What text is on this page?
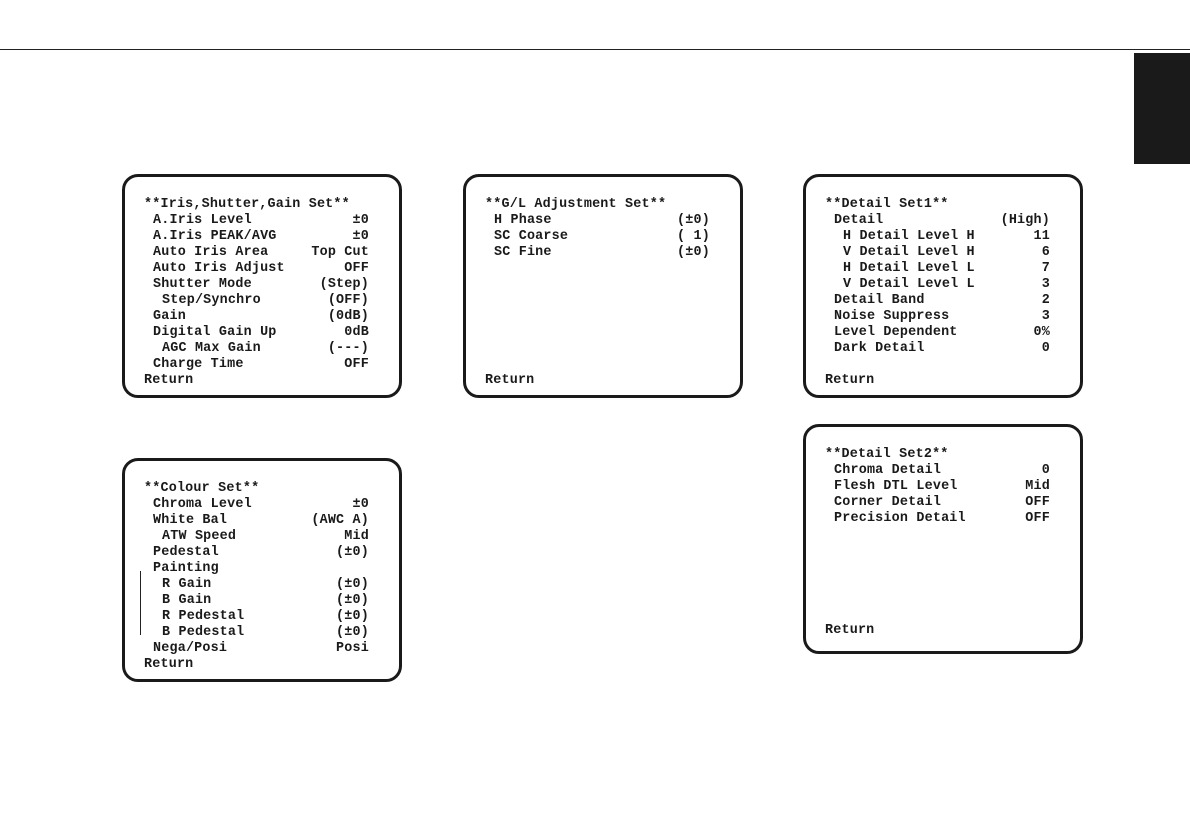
**Iris,Shutter,Gain Set**
A.Iris Level	±0
A.Iris PEAK/AVG	±0
Auto Iris Area	Top Cut
Auto Iris Adjust	OFF
Shutter Mode	(Step)
Step/Synchro	(OFF)
Gain	(0dB)
Digital Gain Up	0dB
AGC Max Gain	(---)
Charge Time	OFF
Return
**G/L Adjustment Set**
H Phase	(±0)
SC Coarse	( 1)
SC Fine	(±0)
Return
**Detail Set1**
Detail	(High)
H Detail Level H	11
V Detail Level H	6
H Detail Level L	7
V Detail Level L	3
Detail Band	2
Noise Suppress	3
Level Dependent	0%
Dark Detail	0
Return
**Colour Set**
Chroma Level	±0
White Bal	(AWC A)
ATW Speed	Mid
Pedestal	(±0)
Painting
R Gain	(±0)
B Gain	(±0)
R Pedestal	(±0)
B Pedestal	(±0)
Nega/Posi	Posi
Return
**Detail Set2**
Chroma Detail	0
Flesh DTL Level	Mid
Corner Detail	OFF
Precision Detail	OFF
Return
